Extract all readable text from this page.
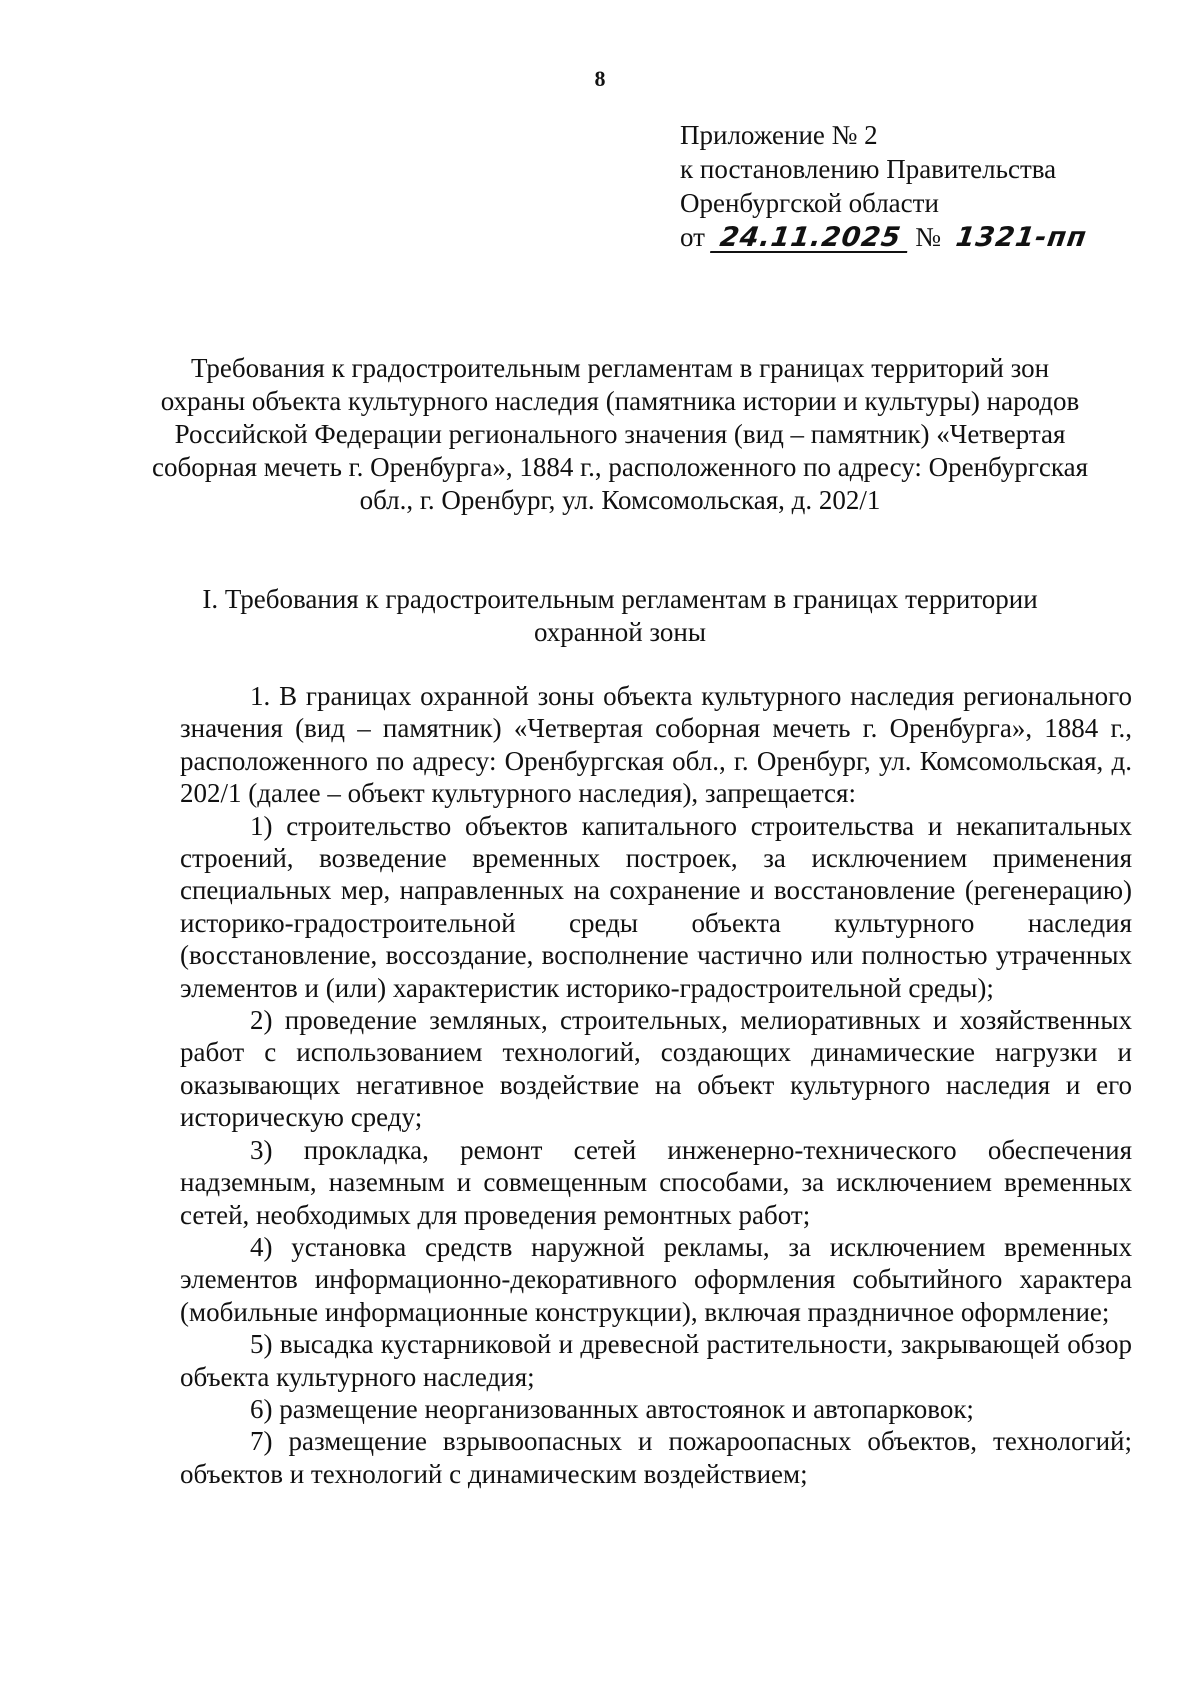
8
Приложение № 2
к постановлению Правительства
Оренбургской области
от 24.11.2025 № 1321-пп
Требования к градостроительным регламентам в границах территорий зон охраны объекта культурного наследия (памятника истории и культуры) народов Российской Федерации регионального значения (вид – памятник) «Четвертая соборная мечеть г. Оренбурга», 1884 г., расположенного по адресу: Оренбургская обл., г. Оренбург, ул. Комсомольская, д. 202/1
I. Требования к градостроительным регламентам в границах территории охранной зоны

1. В границах охранной зоны объекта культурного наследия регионального значения (вид – памятник) «Четвертая соборная мечеть г. Оренбурга», 1884 г., расположенного по адресу: Оренбургская обл., г. Оренбург, ул. Комсомольская, д. 202/1 (далее – объект культурного наследия), запрещается:

1) строительство объектов капитального строительства и некапитальных строений, возведение временных построек, за исключением применения специальных мер, направленных на сохранение и восстановление (регенерацию) историко-градостроительной среды объекта культурного наследия (восстановление, воссоздание, восполнение частично или полностью утраченных элементов и (или) характеристик историко-градостроительной среды);

2) проведение земляных, строительных, мелиоративных и хозяйственных работ с использованием технологий, создающих динамические нагрузки и оказывающих негативное воздействие на объект культурного наследия и его историческую среду;

3) прокладка, ремонт сетей инженерно-технического обеспечения надземным, наземным и совмещенным способами, за исключением временных сетей, необходимых для проведения ремонтных работ;

4) установка средств наружной рекламы, за исключением временных элементов информационно-декоративного оформления событийного характера (мобильные информационные конструкции), включая праздничное оформление;

5) высадка кустарниковой и древесной растительности, закрывающей обзор объекта культурного наследия;

6) размещение неорганизованных автостоянок и автопарковок;

7) размещение взрывоопасных и пожароопасных объектов, технологий; объектов и технологий с динамическим воздействием;
